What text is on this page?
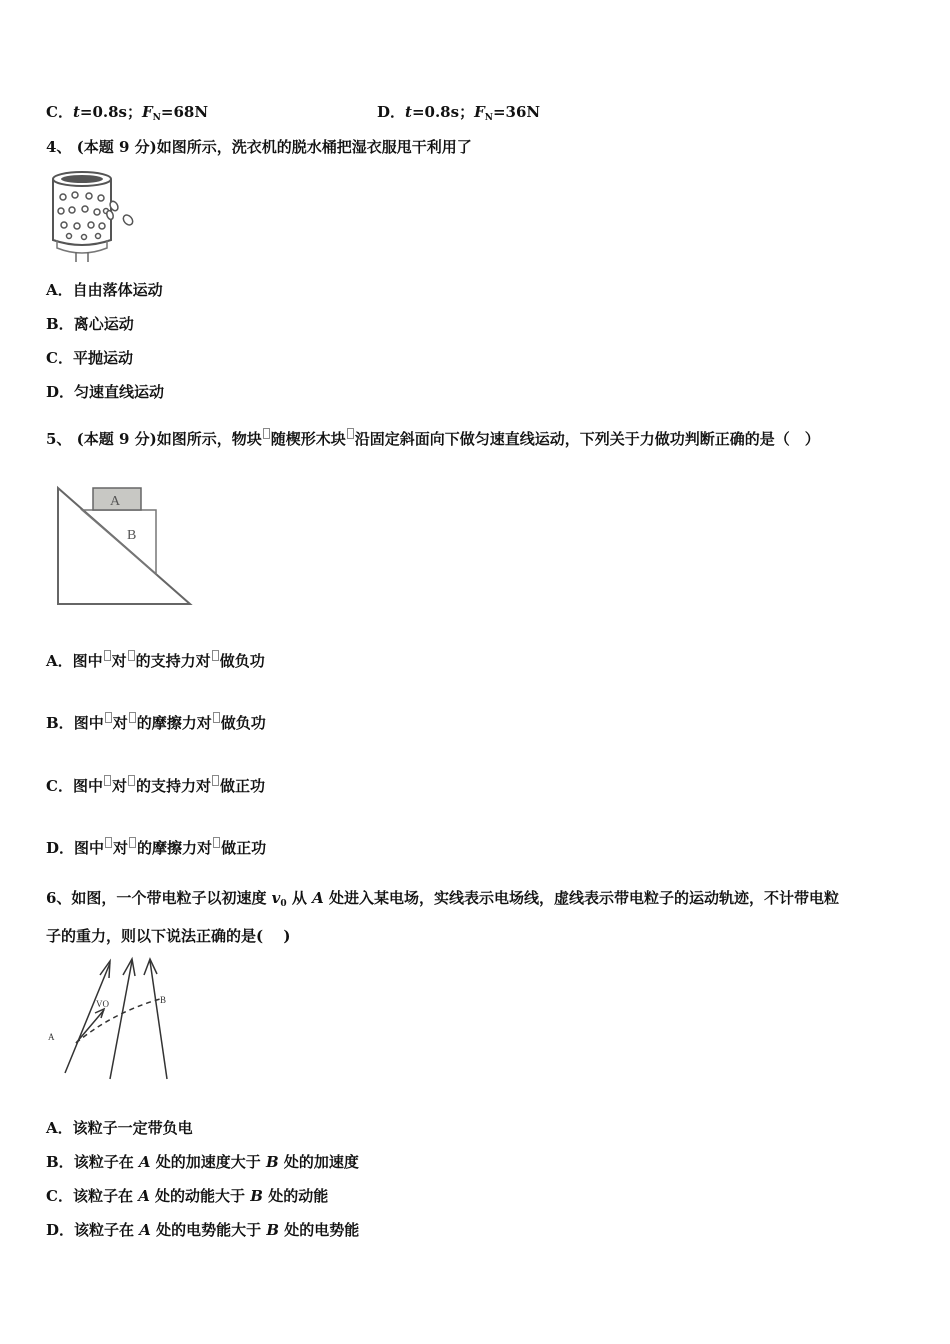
C．t=0.8s；$F_N=68N$	D．t=0.8s；$F_N=36N$
4、 (本题 9 分)如图所示，洗衣机的脱水桶把湿衣服甩干利用了
A．自由落体运动
B．离心运动
C．平抛运动
D．匀速直线运动
5、 (本题 9 分)如图所示，物块 随楔形木块 沿固定斜面向下做匀速直线运动，下列关于力做功判断正确的是（　）
A
B
A．图中 对 的支持力对 做负功
B．图中 对 的摩擦力对 做负功
C．图中 对 的支持力对 做正功
D．图中 对 的摩擦力对 做正功
6、如图，一个带电粒子以初速度 $v_0$ 从 A 处进入某电场，实线表示电场线，虚线表示带电粒子的运动轨迹，不计带电粒
子的重力，则以下说法正确的是(　 )
VO
A
B
A．该粒子一定带负电
B．该粒子在 A 处的加速度大于 B 处的加速度
C．该粒子在 A 处的动能大于 B 处的动能
D．该粒子在 A 处的电势能大于 B 处的电势能
